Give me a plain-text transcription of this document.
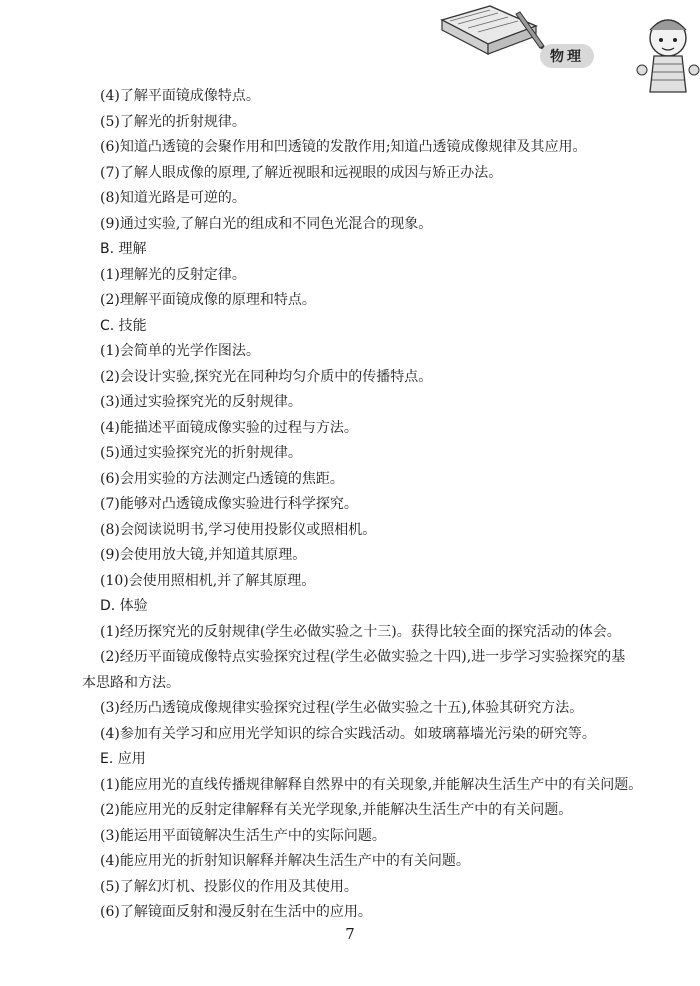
物理
(4)了解平面镜成像特点。
(5)了解光的折射规律。
(6)知道凸透镜的会聚作用和凹透镜的发散作用;知道凸透镜成像规律及其应用。
(7)了解人眼成像的原理,了解近视眼和远视眼的成因与矫正办法。
(8)知道光路是可逆的。
(9)通过实验,了解白光的组成和不同色光混合的现象。
B. 理解
(1)理解光的反射定律。
(2)理解平面镜成像的原理和特点。
C. 技能
(1)会简单的光学作图法。
(2)会设计实验,探究光在同种均匀介质中的传播特点。
(3)通过实验探究光的反射规律。
(4)能描述平面镜成像实验的过程与方法。
(5)通过实验探究光的折射规律。
(6)会用实验的方法测定凸透镜的焦距。
(7)能够对凸透镜成像实验进行科学探究。
(8)会阅读说明书,学习使用投影仪或照相机。
(9)会使用放大镜,并知道其原理。
(10)会使用照相机,并了解其原理。
D. 体验
(1)经历探究光的反射规律(学生必做实验之十三)。获得比较全面的探究活动的体会。
(2)经历平面镜成像特点实验探究过程(学生必做实验之十四),进一步学习实验探究的基
本思路和方法。
(3)经历凸透镜成像规律实验探究过程(学生必做实验之十五),体验其研究方法。
(4)参加有关学习和应用光学知识的综合实践活动。如玻璃幕墙光污染的研究等。
E. 应用
(1)能应用光的直线传播规律解释自然界中的有关现象,并能解决生活生产中的有关问题。
(2)能应用光的反射定律解释有关光学现象,并能解决生活生产中的有关问题。
(3)能运用平面镜解决生活生产中的实际问题。
(4)能应用光的折射知识解释并解决生活生产中的有关问题。
(5)了解幻灯机、投影仪的作用及其使用。
(6)了解镜面反射和漫反射在生活中的应用。
7
